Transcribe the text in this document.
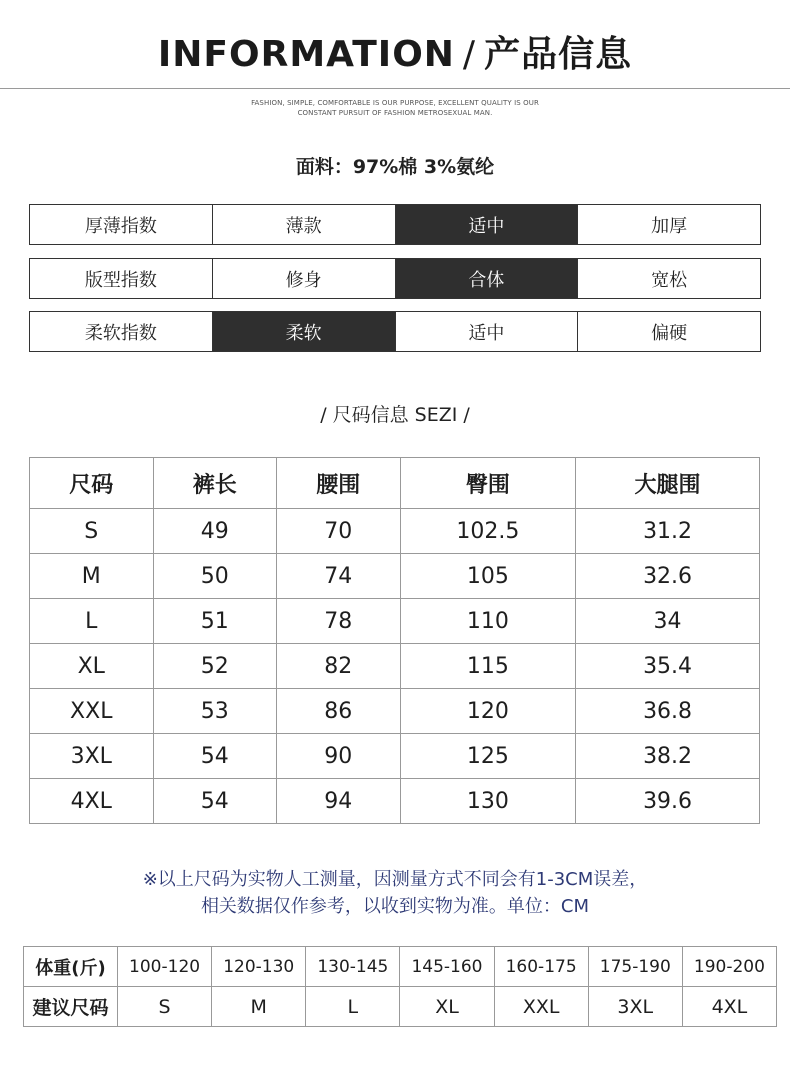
INFORMATION / 产品信息
FASHION, SIMPLE, COMFORTABLE IS OUR PURPOSE, EXCELLENT QUALITY IS OUR
CONSTANT PURSUIT OF FASHION METROSEXUAL MAN.
面料：97%棉 3%氨纶
厚薄指数	薄款	适中	加厚
版型指数	修身	合体	宽松
柔软指数	柔软	适中	偏硬
/ 尺码信息 SEZI /
尺码	裤长	腰围	臀围	大腿围
S	49	70	102.5	31.2
M	50	74	105	32.6
L	51	78	110	34
XL	52	82	115	35.4
XXL	53	86	120	36.8
3XL	54	90	125	38.2
4XL	54	94	130	39.6
※以上尺码为实物人工测量，因测量方式不同会有1-3CM误差，
相关数据仅作参考，以收到实物为准。单位：CM
体重(斤)	100-120	120-130	130-145	145-160	160-175	175-190	190-200
建议尺码	S	M	L	XL	XXL	3XL	4XL
